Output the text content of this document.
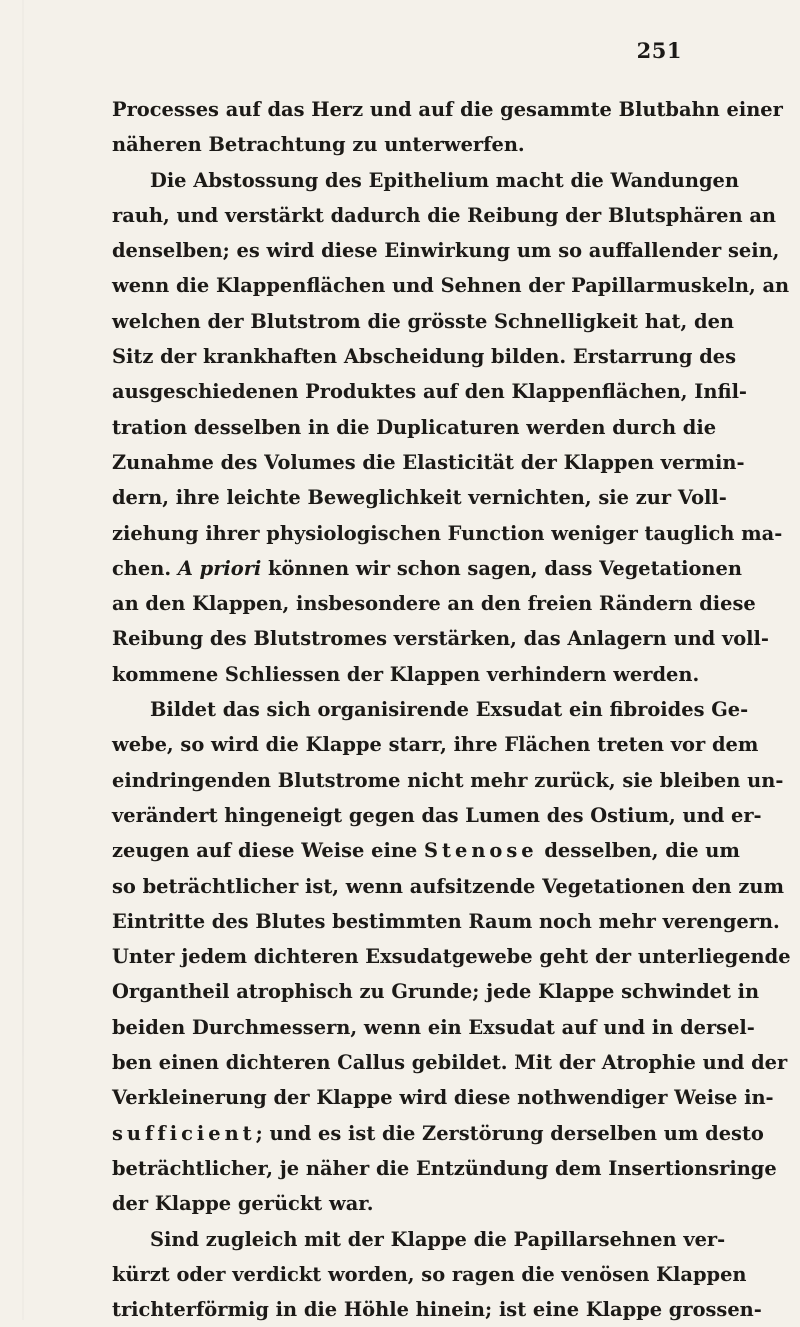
251
Processes auf das Herz und auf die gesammte Blutbahn einer
näheren Betrachtung zu unterwerfen.
Die Abstossung des Epithelium macht die Wandungen
rauh, und verstärkt dadurch die Reibung der Blutsphären an
denselben; es wird diese Einwirkung um so auffallender sein,
wenn die Klappenflächen und Sehnen der Papillarmuskeln, an
welchen der Blutstrom die grösste Schnelligkeit hat, den
Sitz der krankhaften Abscheidung bilden. Erstarrung des
ausgeschiedenen Produktes auf den Klappenflächen, Infil-
tration desselben in die Duplicaturen werden durch die
Zunahme des Volumes die Elasticität der Klappen vermin-
dern, ihre leichte Beweglichkeit vernichten, sie zur Voll-
ziehung ihrer physiologischen Function weniger tauglich ma-
chen. A priori können wir schon sagen, dass Vegetationen
an den Klappen, insbesondere an den freien Rändern diese
Reibung des Blutstromes verstärken, das Anlagern und voll-
kommene Schliessen der Klappen verhindern werden.
Bildet das sich organisirende Exsudat ein fibroides Ge-
webe, so wird die Klappe starr, ihre Flächen treten vor dem
eindringenden Blutstrome nicht mehr zurück, sie bleiben un-
verändert hingeneigt gegen das Lumen des Ostium, und er-
zeugen auf diese Weise eine Stenose desselben, die um
so beträchtlicher ist, wenn aufsitzende Vegetationen den zum
Eintritte des Blutes bestimmten Raum noch mehr verengern.
Unter jedem dichteren Exsudatgewebe geht der unterliegende
Organtheil atrophisch zu Grunde; jede Klappe schwindet in
beiden Durchmessern, wenn ein Exsudat auf und in dersel-
ben einen dichteren Callus gebildet. Mit der Atrophie und der
Verkleinerung der Klappe wird diese nothwendiger Weise in-
sufficient; und es ist die Zerstörung derselben um desto
beträchtlicher, je näher die Entzündung dem Insertionsringe
der Klappe gerückt war.
Sind zugleich mit der Klappe die Papillarsehnen ver-
kürzt oder verdickt worden, so ragen die venösen Klappen
trichterförmig in die Höhle hinein; ist eine Klappe grossen-
